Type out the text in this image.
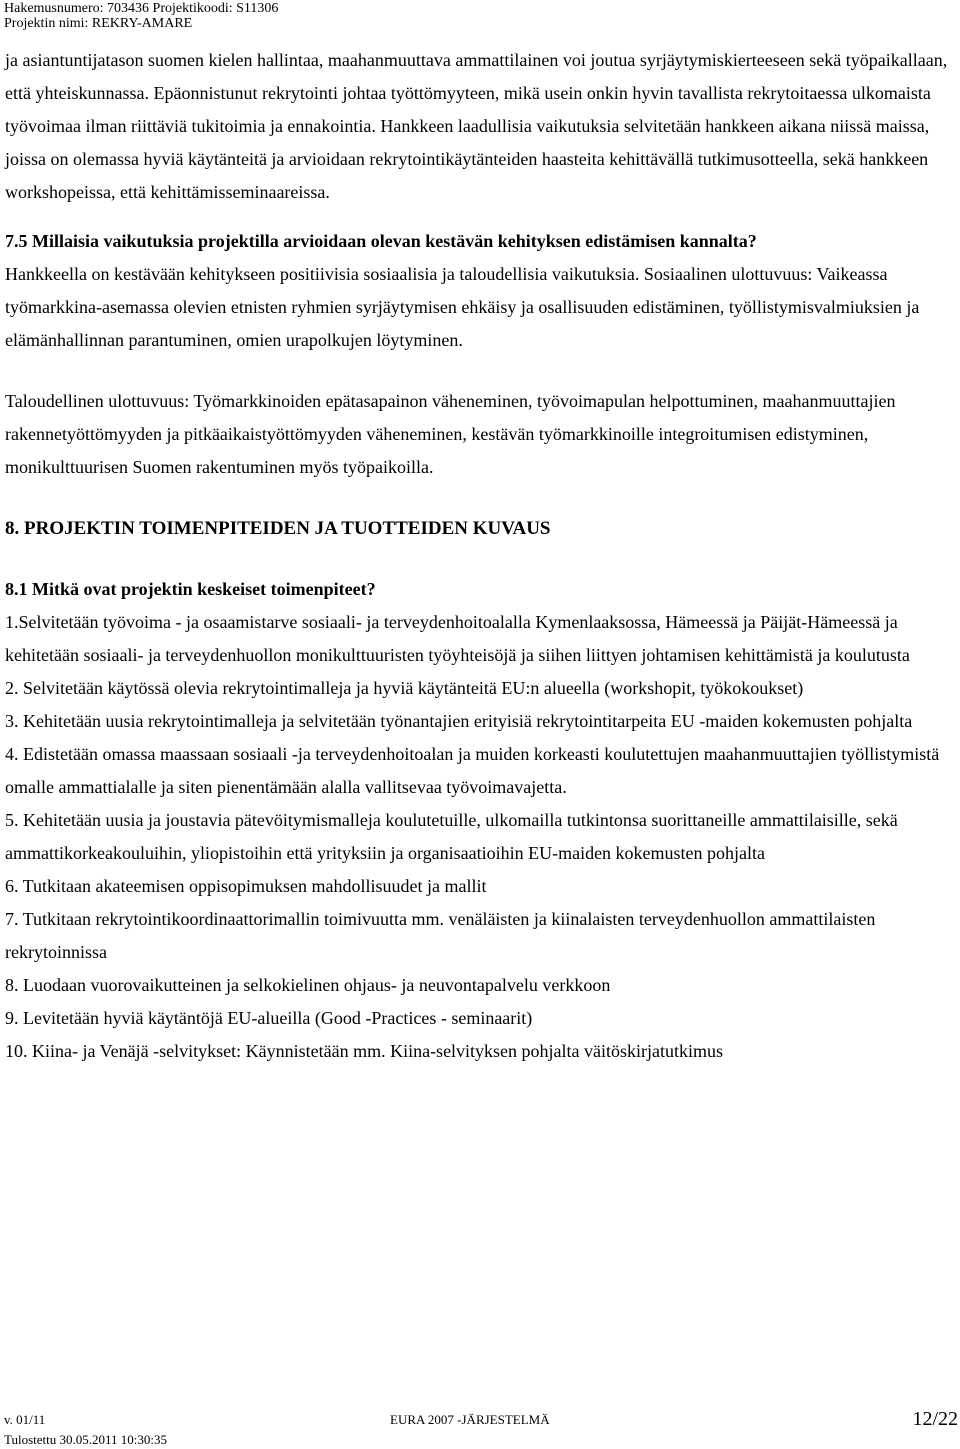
Hakemusnumero: 703436 Projektikoodi: S11306
Projektin nimi: REKRY-AMARE

ja asiantuntijatason suomen kielen hallintaa, maahanmuuttava ammattilainen voi joutua syrjäytymiskierteeseen sekä työpaikallaan, että yhteiskunnassa. Epäonnistunut rekrytointi johtaa työttömyyteen, mikä usein onkin hyvin tavallista rekrytoitaessa ulkomaista työvoimaa ilman riittäviä tukitoimia ja ennakointia. Hankkeen laadullisia vaikutuksia selvitetään hankkeen aikana niissä maissa, joissa on olemassa hyviä käytänteitä ja arvioidaan rekrytointikäytänteiden haasteita kehittävällä tutkimusotteella, sekä hankkeen workshopeissa, että kehittämisseminaareissa.

7.5 Millaisia vaikutuksia projektilla arvioidaan olevan kestävän kehityksen edistämisen kannalta?

Hankkeella on kestävään kehitykseen positiivisia sosiaalisia ja taloudellisia vaikutuksia. Sosiaalinen ulottuvuus: Vaikeassa työmarkkina-asemassa olevien etnisten ryhmien syrjäytymisen ehkäisy ja osallisuuden edistäminen, työllistymisvalmiuksien ja elämänhallinnan parantuminen, omien urapolkujen löytyminen.

Taloudellinen ulottuvuus: Työmarkkinoiden epätasapainon väheneminen, työvoimapulan helpottuminen, maahanmuuttajien rakennetyöttömyyden ja pitkäaikaistyöttömyyden väheneminen, kestävän työmarkkinoille integroitumisen edistyminen, monikulttuurisen Suomen rakentuminen myös työpaikoilla.

8. PROJEKTIN TOIMENPITEIDEN JA TUOTTEIDEN KUVAUS

8.1 Mitkä ovat projektin keskeiset toimenpiteet?

1.Selvitetään työvoima - ja osaamistarve sosiaali- ja terveydenhoitoalalla Kymenlaaksossa, Hämeessä ja Päijät-Hämeessä ja kehitetään sosiaali- ja terveydenhuollon monikulttuuristen työyhteisöjä ja siihen liittyen johtamisen kehittämistä ja koulutusta

2. Selvitetään käytössä olevia rekrytointimalleja ja hyviä käytänteitä EU:n alueella (workshopit, työkokoukset)

3. Kehitetään uusia rekrytointimalleja ja selvitetään työnantajien erityisiä rekrytointitarpeita EU -maiden kokemusten pohjalta

4. Edistetään omassa maassaan sosiaali -ja terveydenhoitoalan ja muiden korkeasti koulutettujen maahanmuuttajien työllistymistä omalle ammattialalle ja siten pienentämään alalla vallitsevaa työvoimavajetta.

5. Kehitetään uusia ja joustavia pätevöitymismalleja koulutetuille, ulkomailla tutkintonsa suorittaneille ammattilaisille, sekä ammattikorkeakouluihin, yliopistoihin että yrityksiin ja organisaatioihin EU-maiden kokemusten pohjalta

6. Tutkitaan akateemisen oppisopimuksen mahdollisuudet ja mallit

7. Tutkitaan rekrytointikoordinaattorimallin toimivuutta mm. venäläisten ja kiinalaisten terveydenhuollon ammattilaisten rekrytoinnissa

8. Luodaan vuorovaikutteinen ja selkokielinen ohjaus- ja neuvontapalvelu verkkoon

9. Levitetään hyviä käytäntöjä EU-alueilla (Good -Practices - seminaarit)

10. Kiina- ja Venäjä -selvitykset: Käynnistetään mm. Kiina-selvityksen pohjalta väitöskirjatutkimus

v. 01/11
Tulostettu 30.05.2011 10:30:35
EURA 2007 -JÄRJESTELMÄ	12/22
